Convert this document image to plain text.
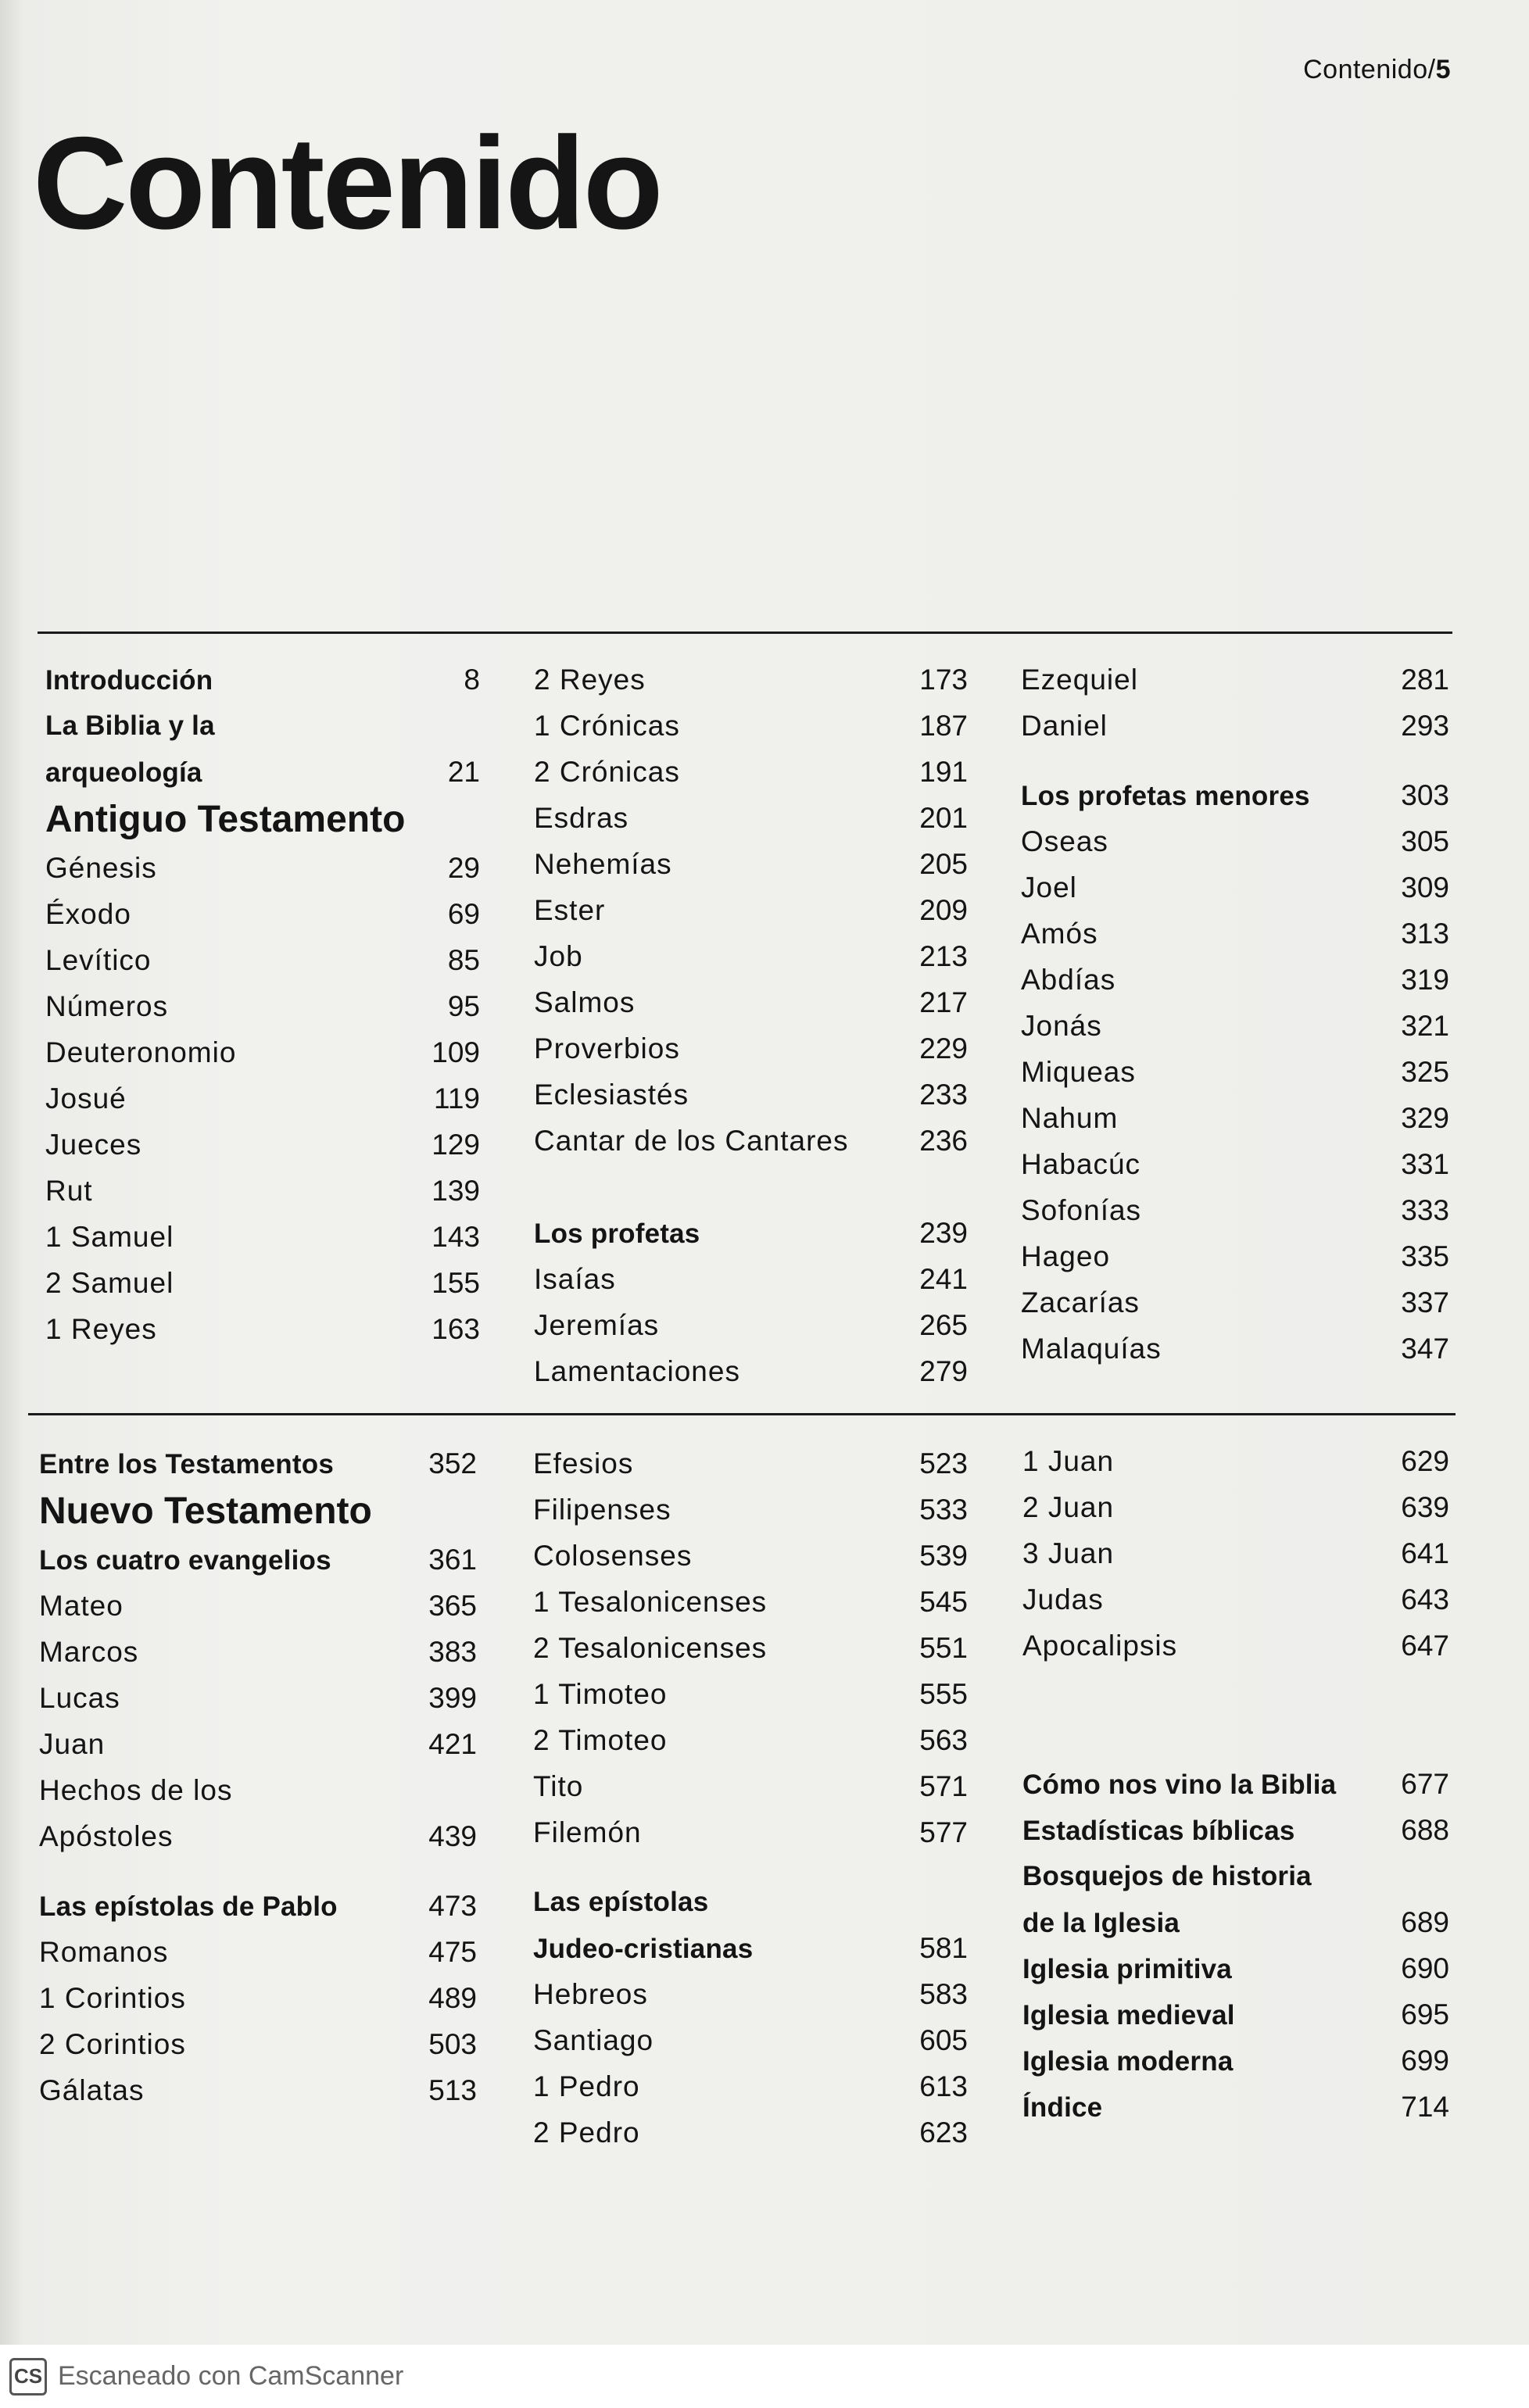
Contenido/5
Contenido
Introducción	8
La Biblia y la
arqueología	21
Antiguo Testamento
Génesis	29
Éxodo	69
Levítico	85
Números	95
Deuteronomio	109
Josué	119
Jueces	129
Rut	139
1 Samuel	143
2 Samuel	155
1 Reyes	163
2 Reyes	173
1 Crónicas	187
2 Crónicas	191
Esdras	201
Nehemías	205
Ester	209
Job	213
Salmos	217
Proverbios	229
Eclesiastés	233
Cantar de los Cantares 236
Los profetas	239
Isaías	241
Jeremías	265
Lamentaciones	279
Ezequiel	281
Daniel	293
Los profetas menores	303
Oseas	305
Joel	309
Amós	313
Abdías	319
Jonás	321
Miqueas	325
Nahum	329
Habacúc	331
Sofonías	333
Hageo	335
Zacarías	337
Malaquías	347
Entre los Testamentos	352
Nuevo Testamento
Los cuatro evangelios	361
Mateo	365
Marcos	383
Lucas	399
Juan	421
Hechos de los
Apóstoles	439
Las epístolas de Pablo	473
Romanos	475
1 Corintios	489
2 Corintios	503
Gálatas	513
Efesios	523
Filipenses	533
Colosenses	539
1 Tesalonicenses	545
2 Tesalonicenses	551
1 Timoteo	555
2 Timoteo	563
Tito	571
Filemón	577
Las epístolas
Judeo-cristianas	581
Hebreos	583
Santiago	605
1 Pedro	613
2 Pedro	623
1 Juan	629
2 Juan	639
3 Juan	641
Judas	643
Apocalipsis	647
Cómo nos vino la Biblia 677
Estadísticas bíblicas	688
Bosquejos de historia
de la Iglesia	689
Iglesia primitiva	690
Iglesia medieval	695
Iglesia moderna	699
Índice	714
CS Escaneado con CamScanner
